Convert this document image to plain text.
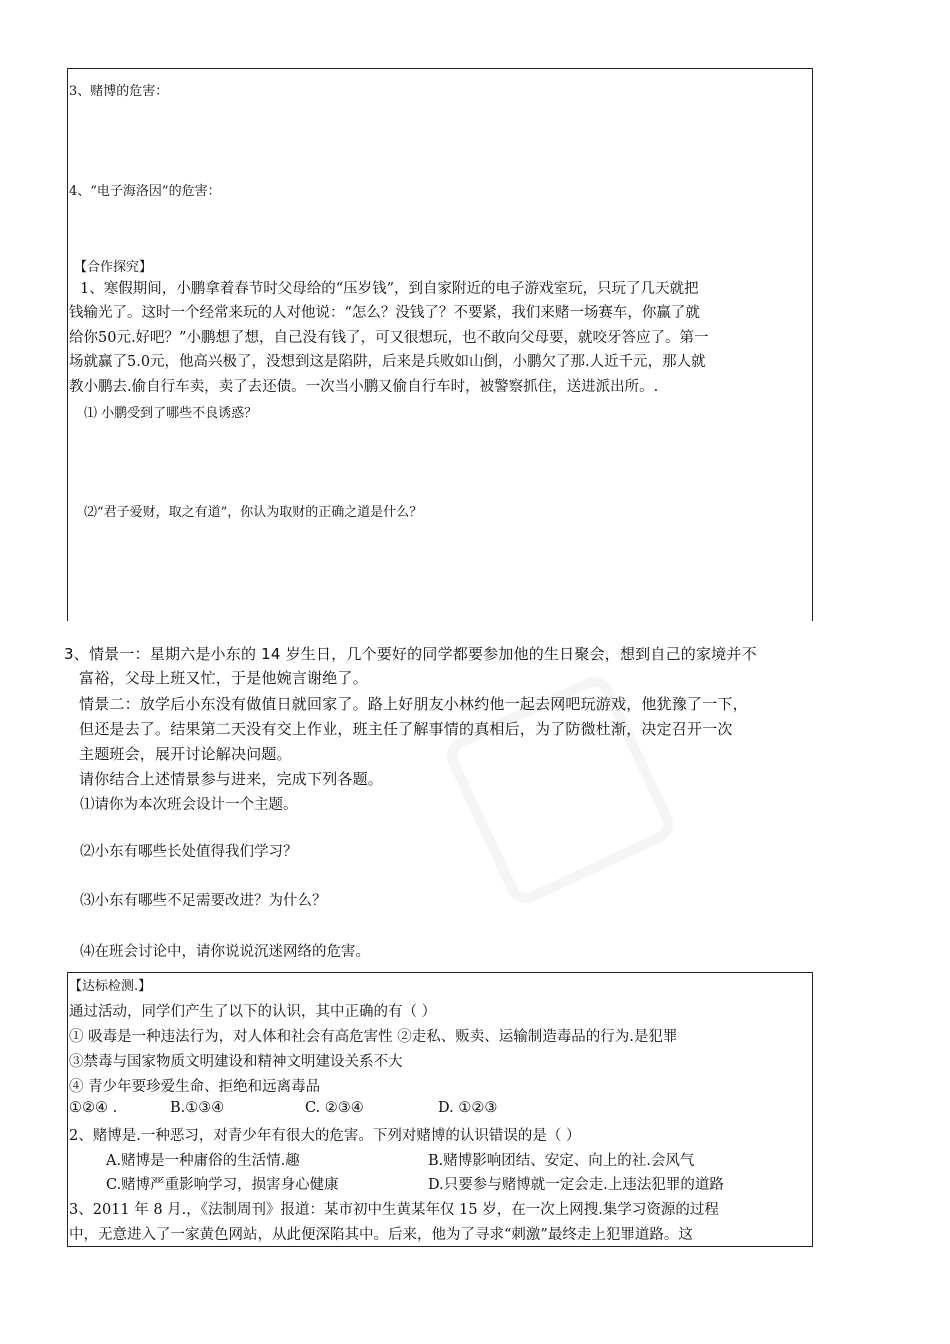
3、赌博的危害：
4、“电子海洛因”的危害：
【合作探究】
1、寒假期间，小鹏拿着春节时父母给的“压岁钱”，到自家附近的电子游戏室玩，只玩了几天就把
钱输光了。这时一个经常来玩的人对他说：“怎么？没钱了？不要紧，我们来赌一场赛车，你赢了就
给你50元.好吧？”小鹏想了想，自己没有钱了，可又很想玩，也不敢向父母要，就咬牙答应了。第一
场就赢了5.0元，他高兴极了，没想到这是陷阱，后来是兵败如山倒，小鹏欠了那.人近千元，那人就
教小鹏去.偷自行车卖，卖了去还债。一次当小鹏又偷自行车时，被警察抓住，送进派出所。.
⑴ 小鹏受到了哪些不良诱惑？
⑵“君子爱财，取之有道”，你认为取财的正确之道是什么？
3、情景一：星期六是小东的 14 岁生日，几个要好的同学都要参加他的生日聚会，想到自己的家境并不
富裕，父母上班又忙，于是他婉言谢绝了。
情景二：放学后小东没有做值日就回家了。路上好朋友小林约他一起去网吧玩游戏，他犹豫了一下，
但还是去了。结果第二天没有交上作业，班主任了解事情的真相后，为了防微杜渐，决定召开一次
主题班会，展开讨论解决问题。
请你结合上述情景参与进来，完成下列各题。
⑴请你为本次班会设计一个主题。
⑵小东有哪些长处值得我们学习？
⑶小东有哪些不足需要改进？为什么？
⑷在班会讨论中，请你说说沉迷网络的危害。
【达标检测.】
通过活动，同学们产生了以下的认识，其中正确的有（ ）
① 吸毒是一种违法行为，对人体和社会有高危害性 ②走私、贩卖、运输制造毒品的行为.是犯罪
③禁毒与国家物质文明建设和精神文明建设关系不大
④ 青少年要珍爱生命、拒绝和远离毒品
①②④ .	B.①③④	C. ②③④	D. ①②③
2、赌博是.一种恶习，对青少年有很大的危害。下列对赌博的认识错误的是（ ）
A.赌博是一种庸俗的生活情.趣	B.赌博影响团结、安定、向上的社.会风气
C.赌博严重影响学习，损害身心健康	D.只要参与赌博就一定会走.上违法犯罪的道路
3、2011 年 8 月.，《法制周刊》报道：某市初中生黄某年仅 15 岁，在一次上网搜.集学习资源的过程
中，无意进入了一家黄色网站，从此便深陷其中。后来，他为了寻求“刺激”最终走上犯罪道路。这
